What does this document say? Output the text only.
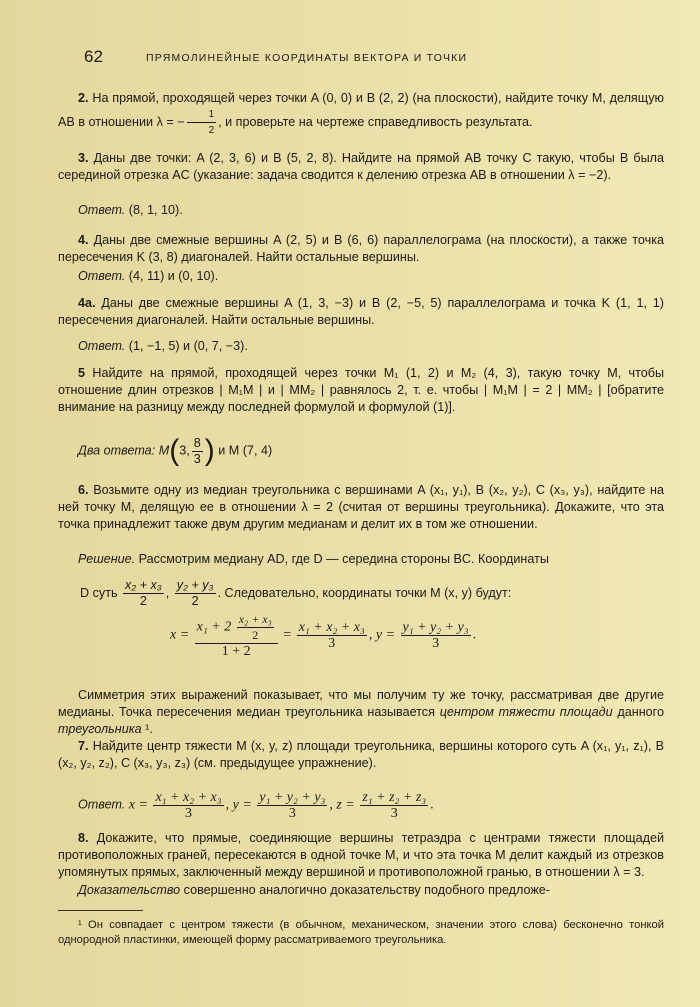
62	ПРЯМОЛИНЕЙНЫЕ КООРДИНАТЫ ВЕКТОРА И ТОЧКИ
2. На прямой, проходящей через точки A (0, 0) и B (2, 2) (на плоскости), найдите точку M, делящую AB в отношении λ = − $\frac{1}{2}$ , и проверьте на чертеже справедливость результата.
3. Даны две точки: A (2, 3, 6) и B (5, 2, 8). Найдите на прямой AB точку C такую, чтобы B была серединой отрезка AC (указание: задача сводится к делению отрезка AB в отношении λ = −2).
Ответ. (8, 1, 10).
4. Даны две смежные вершины A (2, 5) и B (6, 6) параллелограма (на плоскости), а также точка пересечения K (3, 8) диагоналей. Найти остальные вершины.
Ответ. (4, 11) и (0, 10).
4а. Даны две смежные вершины A (1, 3, −3) и B (2, −5, 5) параллелограма и точка K (1, 1, 1) пересечения диагоналей. Найти остальные вершины.
Ответ. (1, −1, 5) и (0, 7, −3).
5 Найдите на прямой, проходящей через точки M₁ (1, 2) и M₂ (4, 3), такую точку M, чтобы отношение длин отрезков | M₁M | и | MM₂ | равнялось 2, т. е. чтобы | M₁M | = 2 | MM₂ | [обратите внимание на разницу между последней формулой и формулой (1)].
Два ответа: M(3, $\frac{8}{3}$ ) и M (7, 4)
6. Возьмите одну из медиан треугольника с вершинами A (x₁, y₁), B (x₂, y₂), C (x₃, y₃), найдите на ней точку M, делящую ее в отношении λ = 2 (считая от вершины треугольника). Докажите, что эта точка принадлежит также двум другим медианам и делит их в том же отношении.
Решение. Рассмотрим медиану AD, где D — середина стороны BC. Координаты
D суть $\frac{\text{x₂ + x₃}}{2}$ , $\frac{\text{y₂ + y₃}}{2}$ . Следовательно, координаты точки M (x, y) будут:
$x = \frac{x_1 + 2 \frac{\text{x₂ + x₃}}{2}}{1 + 2} = \frac{\text{x₁ + x₂ + x₃}}{3}$ , $y = \frac{\text{y₁ + y₂ + y₃}}{3}$ .
Симметрия этих выражений показывает, что мы получим ту же точку, рассматривая две другие медианы. Точка пересечения медиан треугольника называется центром тяжести площади данного треугольника ¹.
7. Найдите центр тяжести M (x, y, z) площади треугольника, вершины которого суть A (x₁, y₁, z₁), B (x₂, y₂, z₂), C (x₃, y₃, z₃) (см. предыдущее упражнение).
Ответ. $x = \frac{\text{x₁ + x₂ + x₃}}{3}$ , $y = \frac{\text{y₁ + y₂ + y₃}}{3}$ , $z = \frac{\text{z₁ + z₂ + z₃}}{3}$ .
8. Докажите, что прямые, соединяющие вершины тетраэдра с центрами тяжести площадей противоположных граней, пересекаются в одной точке M, и что эта точка M делит каждый из отрезков упомянутых прямых, заключенный между вершиной и противоположной гранью, в отношении λ = 3.
Доказательство совершенно аналогично доказательству подобного предложе-
¹ Он совпадает с центром тяжести (в обычном, механическом, значении этого слова) бесконечно тонкой однородной пластинки, имеющей форму рассматриваемого треугольника.
